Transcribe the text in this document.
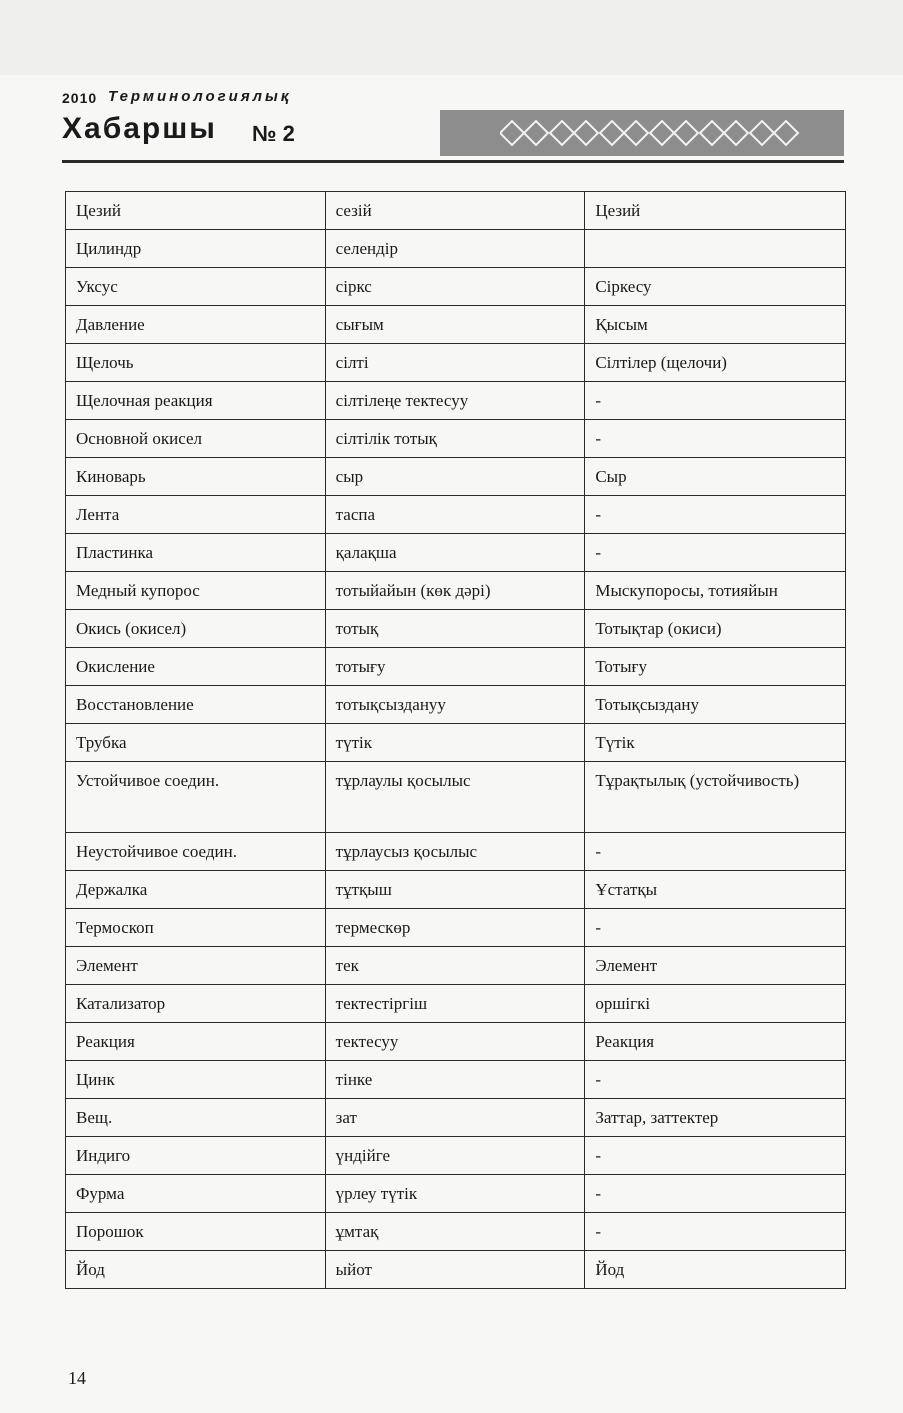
2010 Терминологиялық
Хабаршы № 2
Цезий	сезій	Цезий
Цилиндр	селендір	
Уксус	сіркс	Сіркесу
Давление	сығым	Қысым
Щелочь	сілті	Сілтілер (щелочи)
Щелочная реакция	сілтілеңе тектесуу	-
Основной окисел	сілтілік тотық	-
Киноварь	сыр	Сыр
Лента	таспа	-
Пластинка	қалақша	-
Медный купорос	тотыйайын (көк дәрі)	Мыскупоросы, тотияйын
Окись (окисел)	тотық	Тотықтар (окиси)
Окисление	тотығу	Тотығу
Восстановление	тотықсыздануу	Тотықсыздану
Трубка	түтік	Түтік
Устойчивое соедин.	тұрлаулы қосылыс	Тұрақтылық (устойчивость)
Неустойчивое соедин.	тұрлаусыз қосылыс	-
Держалка	тұтқыш	Ұстатқы
Термоскоп	термескөр	-
Элемент	тек	Элемент
Катализатор	тектестіргіш	оршігкі
Реакция	тектесуу	Реакция
Цинк	тінке	-
Вещ.	зат	Заттар, заттектер
Индиго	үндійге	-
Фурма	үрлеу түтік	-
Порошок	ұмтақ	-
Йод	ыйот	Йод
14
